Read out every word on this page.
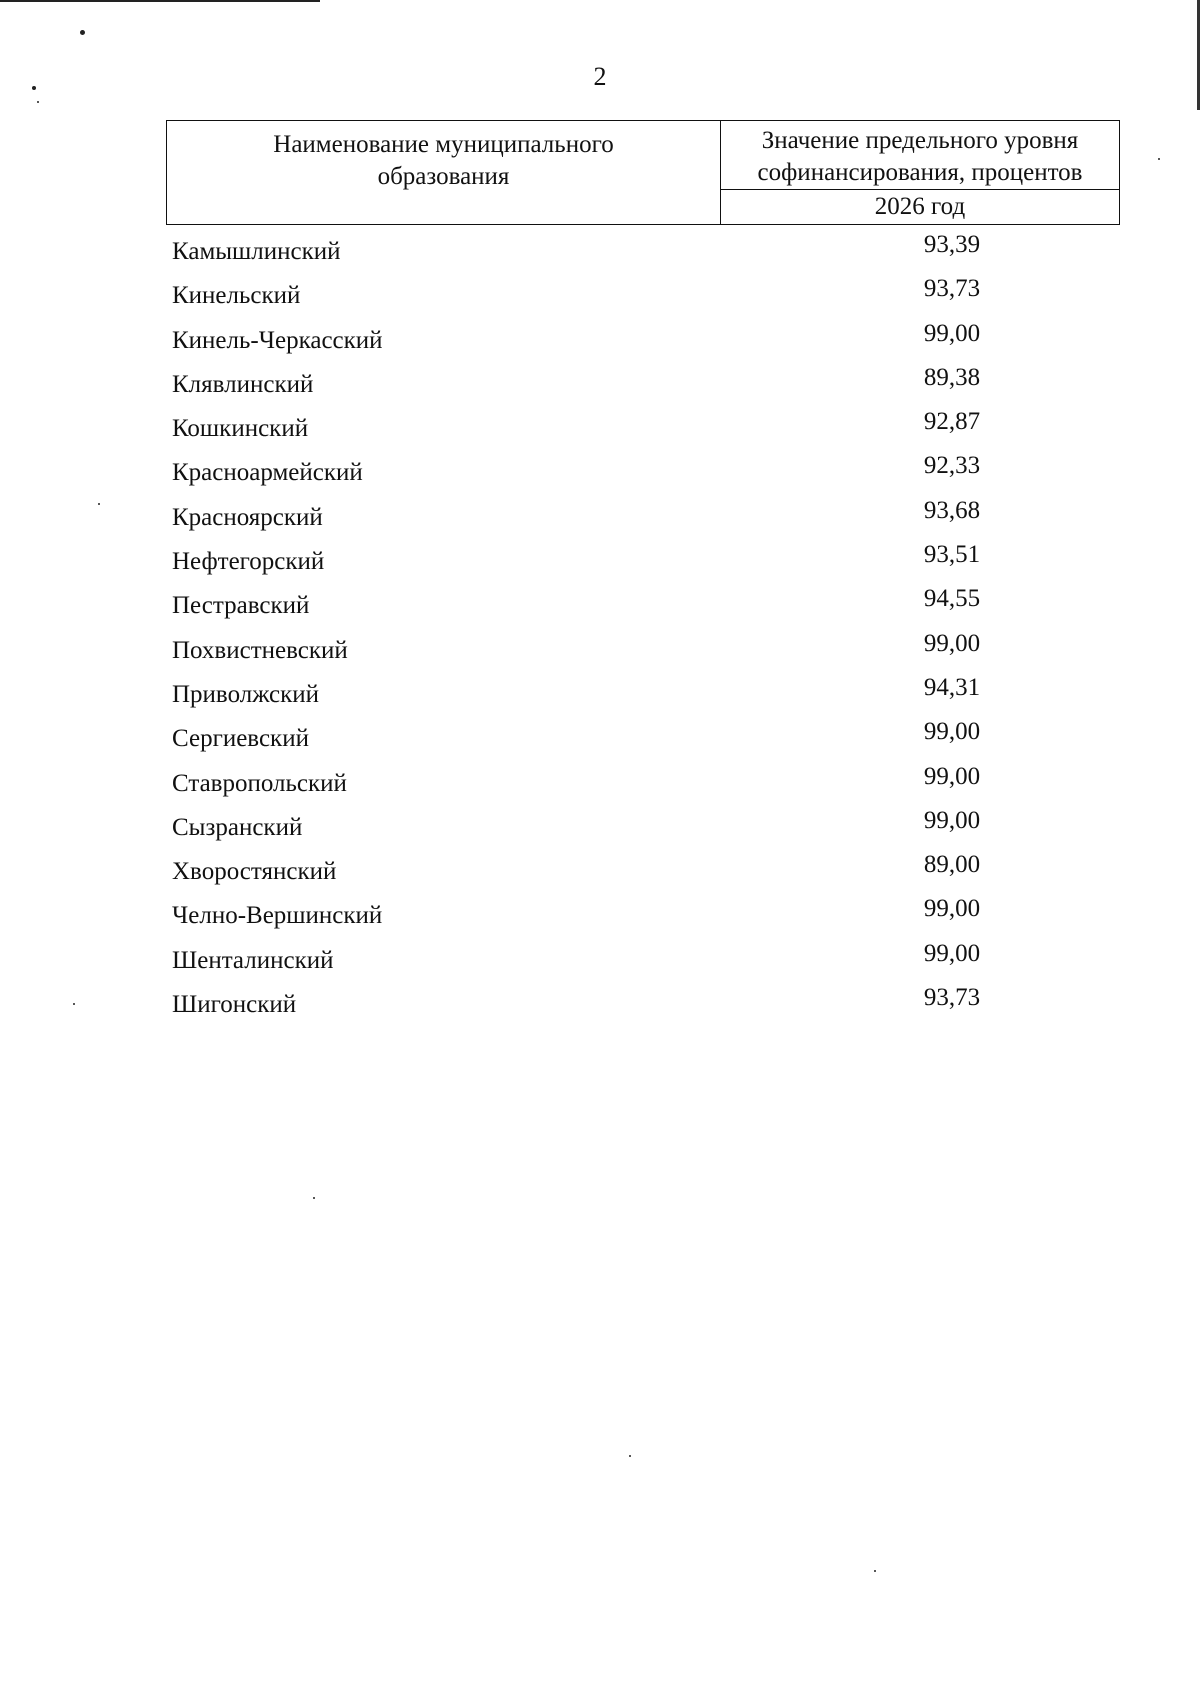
2
Наименование муниципального
образования
Значение предельного уровня
софинансирования, процентов
2026 год
Камышлинский	93,39
Кинельский	93,73
Кинель-Черкасский	99,00
Клявлинский	89,38
Кошкинский	92,87
Красноармейский	92,33
Красноярский	93,68
Нефтегорский	93,51
Пестравский	94,55
Похвистневский	99,00
Приволжский	94,31
Сергиевский	99,00
Ставропольский	99,00
Сызранский	99,00
Хворостянский	89,00
Челно-Вершинский	99,00
Шенталинский	99,00
Шигонский	93,73
